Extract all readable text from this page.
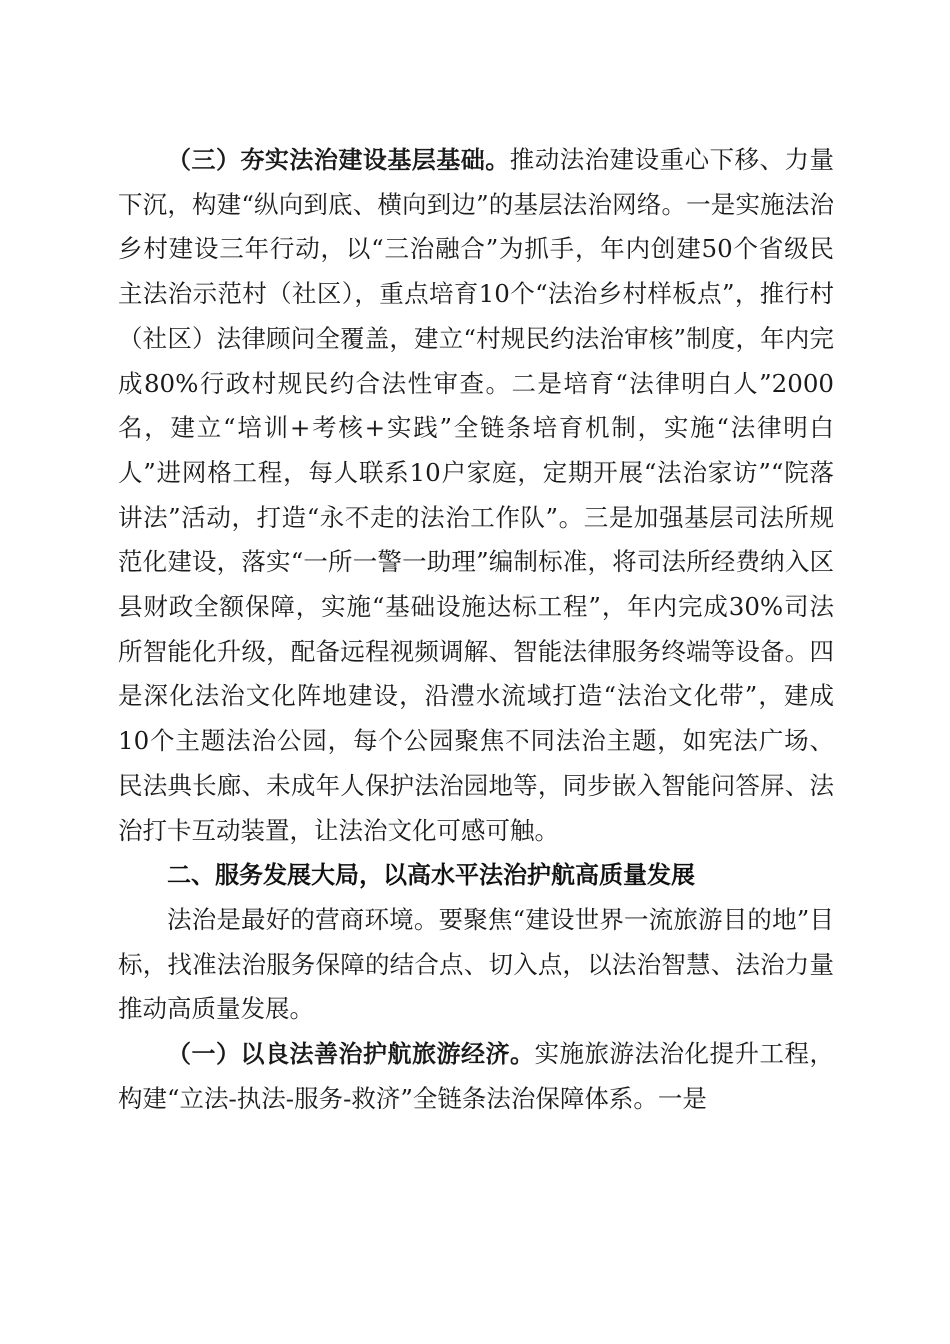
（三）夯实法治建设基层基础。推动法治建设重心下移、力量下沉，构建“纵向到底、横向到边”的基层法治网络。一是实施法治乡村建设三年行动，以“三治融合”为抓手，年内创建50个省级民主法治示范村（社区），重点培育10个“法治乡村样板点”，推行村（社区）法律顾问全覆盖，建立“村规民约法治审核”制度，年内完成80%行政村规民约合法性审查。二是培育“法律明白人”2000名，建立“培训+考核+实践”全链条培育机制，实施“法律明白人”进网格工程，每人联系10户家庭，定期开展“法治家访”“院落讲法”活动，打造“永不走的法治工作队”。三是加强基层司法所规范化建设，落实“一所一警一助理”编制标准，将司法所经费纳入区县财政全额保障，实施“基础设施达标工程”，年内完成30%司法所智能化升级，配备远程视频调解、智能法律服务终端等设备。四是深化法治文化阵地建设，沿澧水流域打造“法治文化带”，建成10个主题法治公园，每个公园聚焦不同法治主题，如宪法广场、民法典长廊、未成年人保护法治园地等，同步嵌入智能问答屏、法治打卡互动装置，让法治文化可感可触。

二、服务发展大局，以高水平法治护航高质量发展

法治是最好的营商环境。要聚焦“建设世界一流旅游目的地”目标，找准法治服务保障的结合点、切入点，以法治智慧、法治力量推动高质量发展。

（一）以良法善治护航旅游经济。实施旅游法治化提升工程，构建“立法-执法-服务-救济”全链条法治保障体系。一是
